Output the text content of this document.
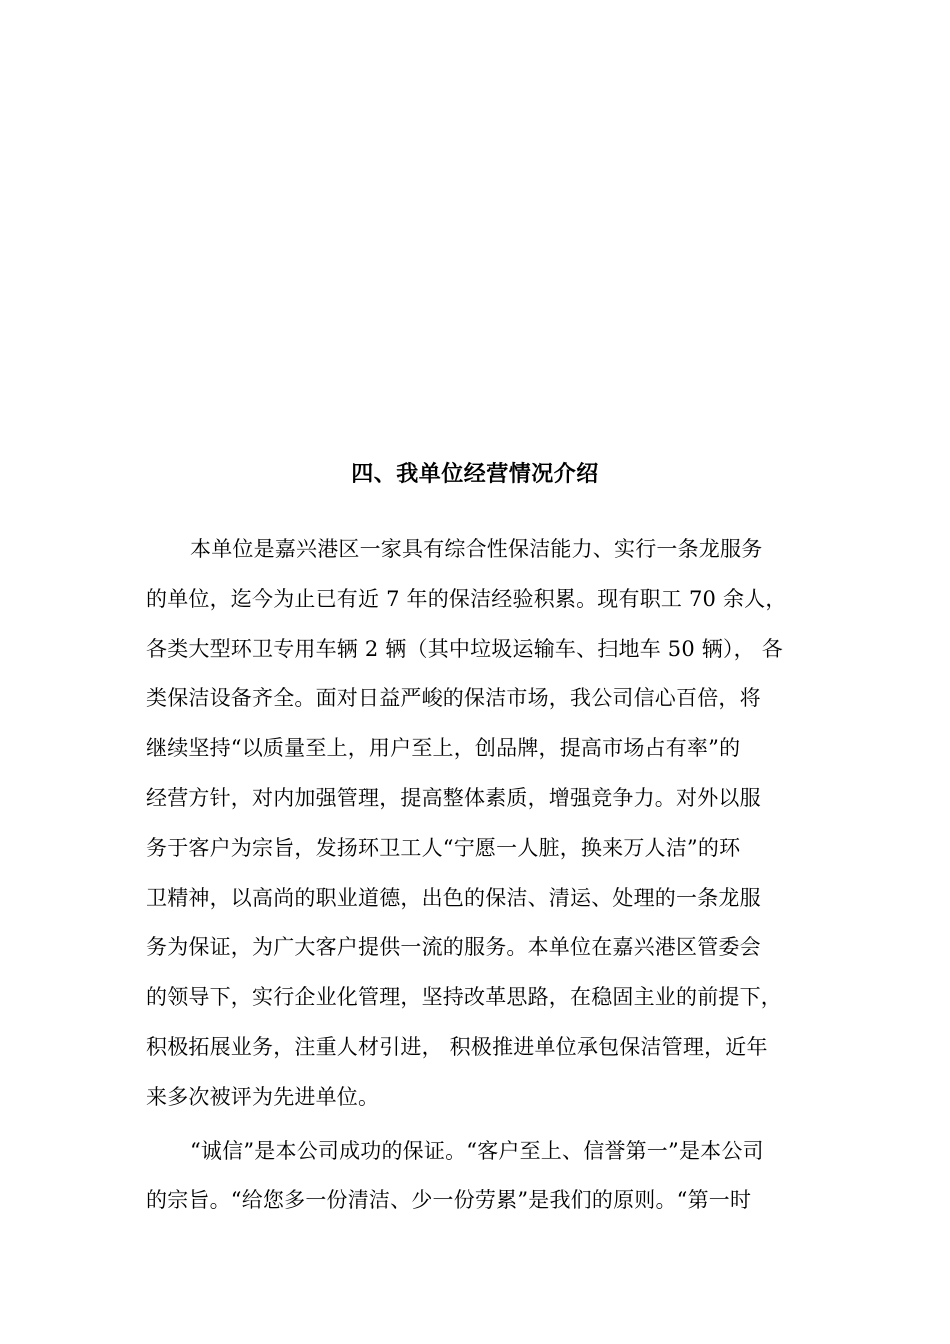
四、我单位经营情况介绍
本单位是嘉兴港区一家具有综合性保洁能力、实行一条龙服务
的单位，迄今为止已有近 7 年的保洁经验积累。现有职工 70 余人，
各类大型环卫专用车辆 2 辆（其中垃圾运输车、扫地车 50 辆）， 各
类保洁设备齐全。面对日益严峻的保洁市场，我公司信心百倍，将
继续坚持“以质量至上，用户至上，创品牌，提高市场占有率”的
经营方针，对内加强管理，提高整体素质，增强竞争力。对外以服
务于客户为宗旨，发扬环卫工人“宁愿一人脏，换来万人洁”的环
卫精神，以高尚的职业道德，出色的保洁、清运、处理的一条龙服
务为保证，为广大客户提供一流的服务。本单位在嘉兴港区管委会
的领导下，实行企业化管理，坚持改革思路，在稳固主业的前提下，
积极拓展业务，注重人材引进， 积极推进单位承包保洁管理，近年
来多次被评为先进单位。
“诚信”是本公司成功的保证。“客户至上、信誉第一”是本公司
的宗旨。“给您多一份清洁、少一份劳累”是我们的原则。“第一时
